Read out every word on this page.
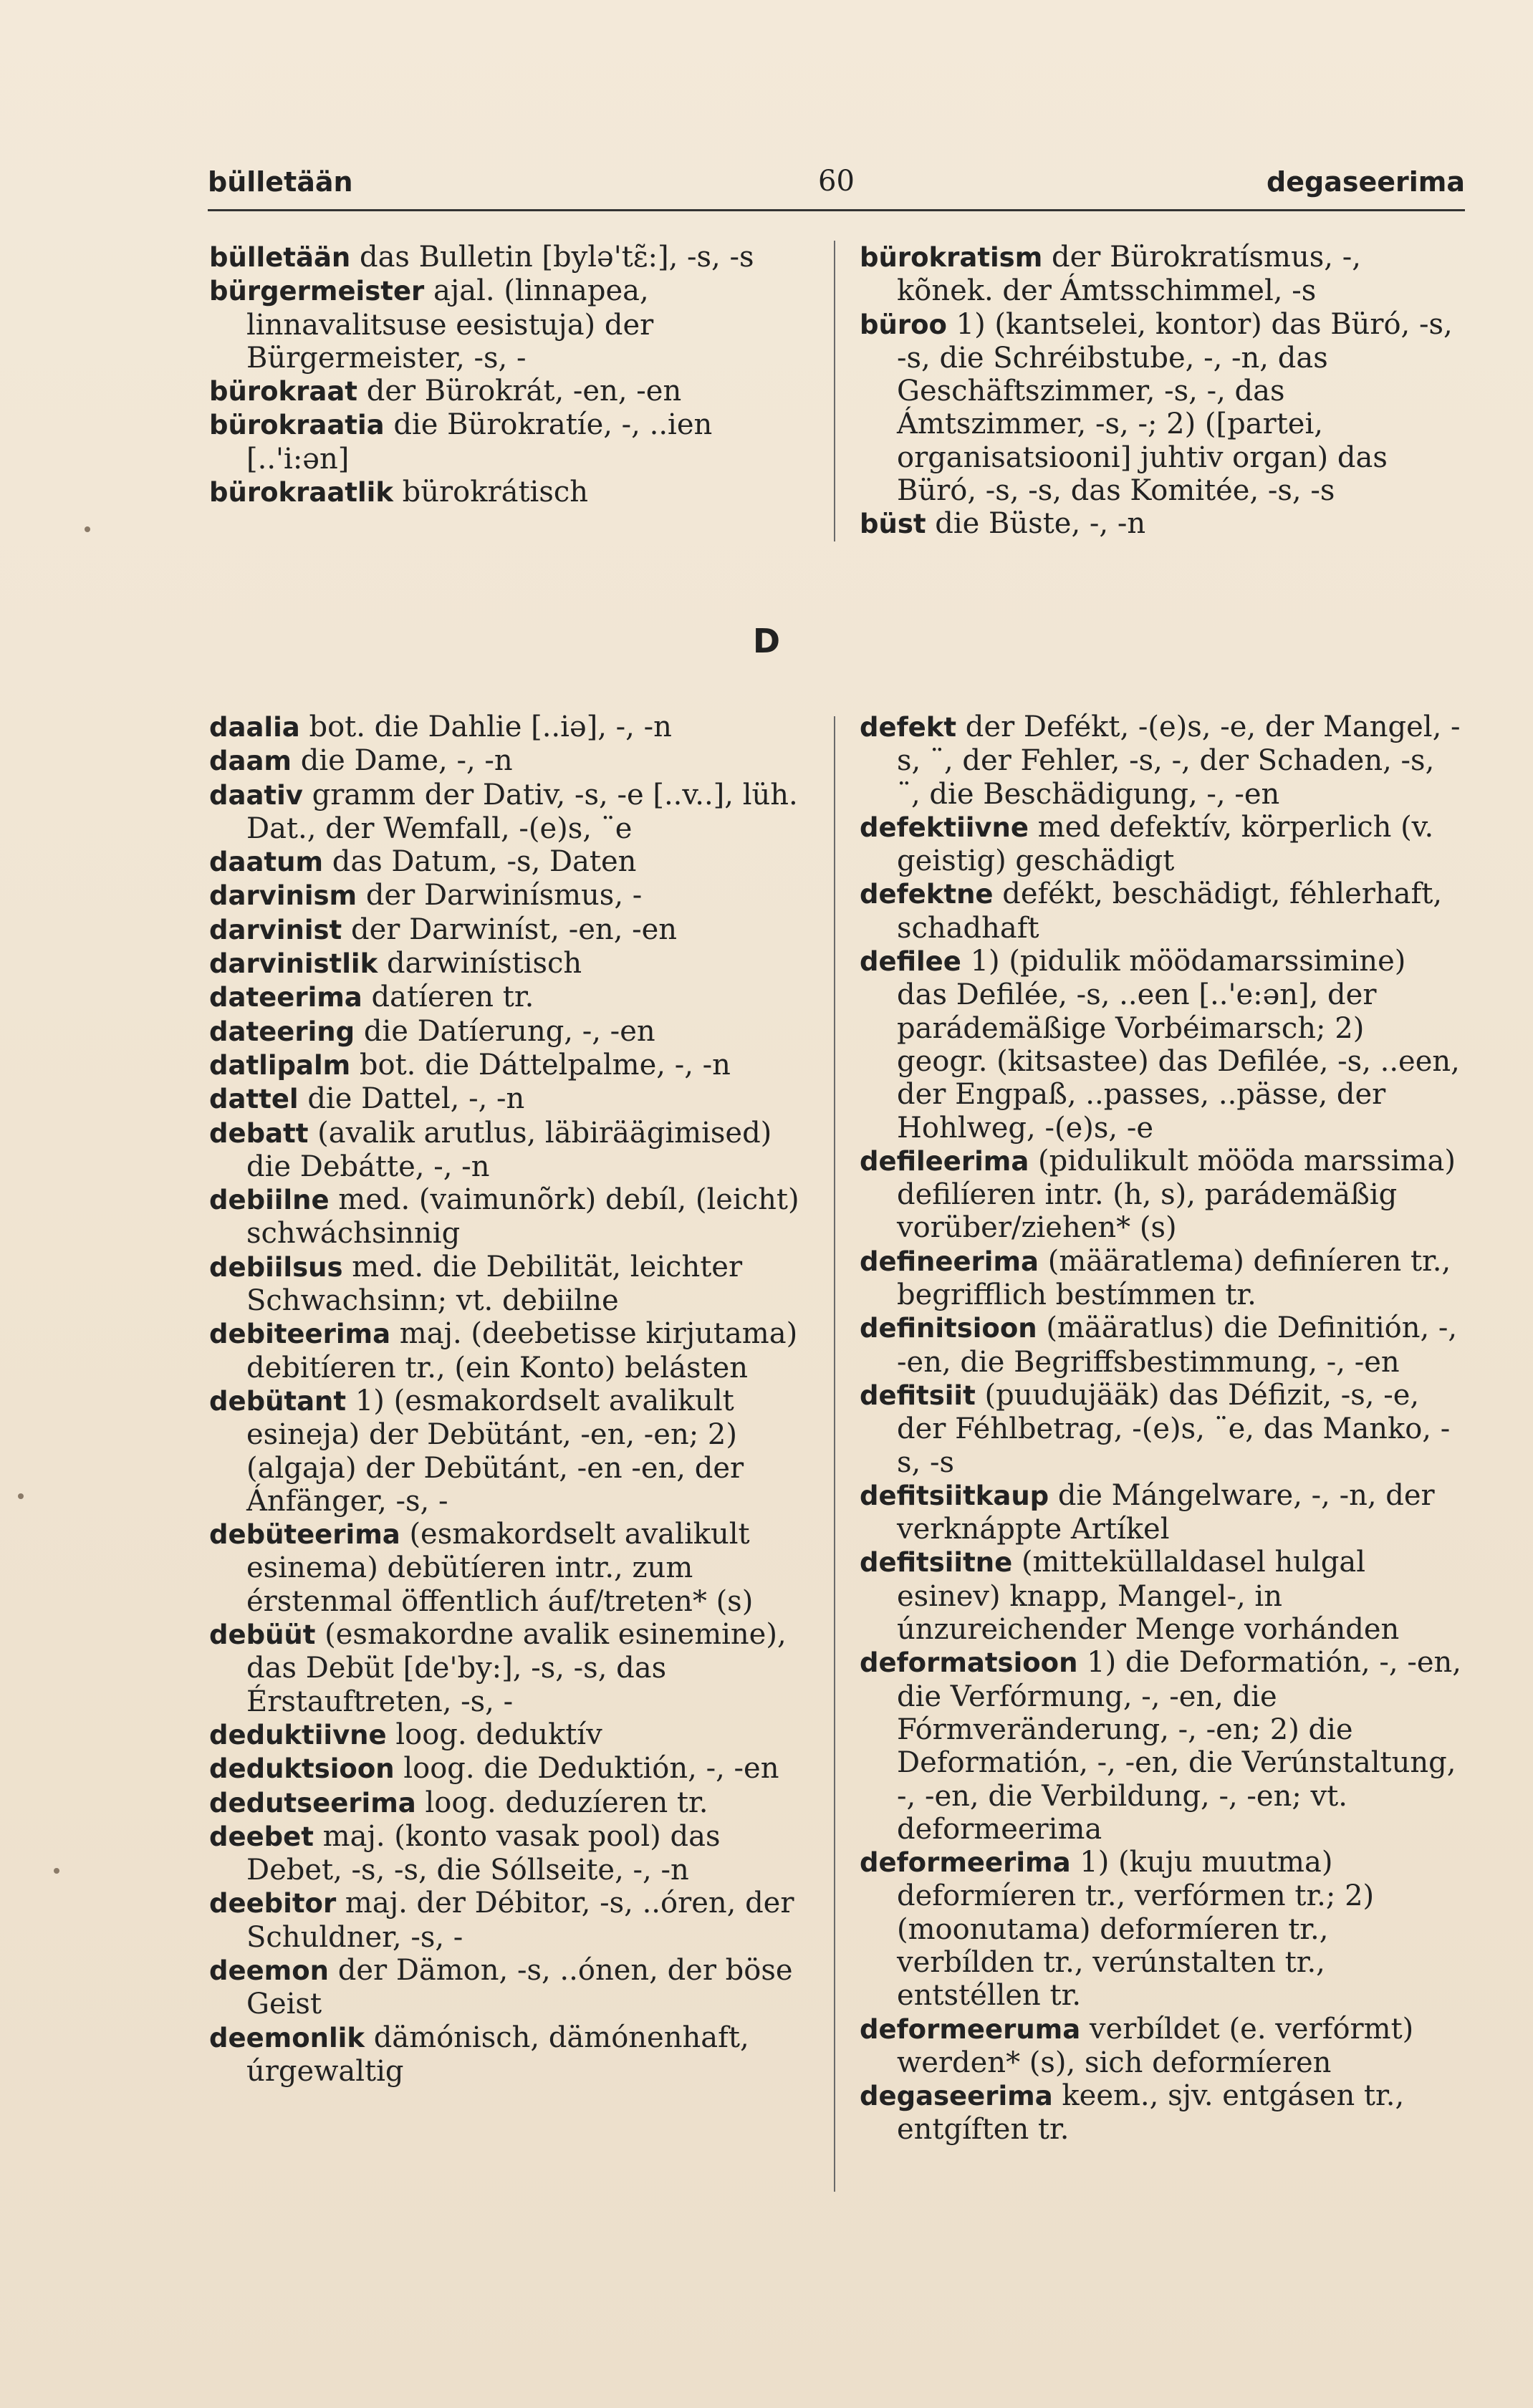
bülletään	60	degaseerima

bülletään das Bulletin [bylə'tɛ̃:], -s, -s

bürgermeister ajal. (linnapea, linnavalitsuse eesistuja) der Bürgermeister, -s, -

bürokraat der Bürokrát, -en, -en

bürokraatia die Bürokratíe, -, ..ien [..'i:ən]

bürokraatlik bürokrátisch

bürokratism der Bürokratísmus, -, kõnek. der Ámtsschimmel, -s

büroo 1) (kantselei, kontor) das Büró, -s, -s, die Schréibstube, -, -n, das Geschäftszimmer, -s, -, das Ámtszimmer, -s, -; 2) ([partei, organisatsiooni] juhtiv organ) das Büró, -s, -s, das Komitée, -s, -s

büst die Büste, -, -n

D

daalia bot. die Dahlie [..iə], -, -n

daam die Dame, -, -n

daativ gramm der Dativ, -s, -e [..v..], lüh. Dat., der Wemfall, -(e)s, ¨e

daatum das Datum, -s, Daten

darvinism der Darwinísmus, -

darvinist der Darwiníst, -en, -en

darvinistlik darwinístisch

dateerima datíeren tr.

dateering die Datíerung, -, -en

datlipalm bot. die Dáttelpalme, -, -n

dattel die Dattel, -, -n

debatt (avalik arutlus, läbiräägimised) die Debátte, -, -n

debiilne med. (vaimunõrk) debíl, (leicht) schwáchsinnig

debiilsus med. die Debilität, leichter Schwachsinn; vt. debiilne

debiteerima maj. (deebetisse kirjutama) debitíeren tr., (ein Konto) belásten

debütant 1) (esmakordselt avalikult esineja) der Debütánt, -en, -en; 2) (algaja) der Debütánt, -en -en, der Ánfänger, -s, -

debüteerima (esmakordselt avalikult esinema) debütíeren intr., zum érstenmal öffentlich áuf/treten* (s)

debüüt (esmakordne avalik esinemine), das Debüt [de'by:], -s, -s, das Érstauftreten, -s, -

deduktiivne loog. deduktív

deduktsioon loog. die Deduktión, -, -en

dedutseerima loog. deduzíeren tr.

deebet maj. (konto vasak pool) das Debet, -s, -s, die Sóllseite, -, -n

deebitor maj. der Débitor, -s, ..óren, der Schuldner, -s, -

deemon der Dämon, -s, ..ónen, der böse Geist

deemonlik dämónisch, dämónenhaft, úrgewaltig

defekt der Defékt, -(e)s, -e, der Mangel, -s, ¨, der Fehler, -s, -, der Schaden, -s, ¨, die Beschädigung, -, -en

defektiivne med defektív, körperlich (v. geistig) geschädigt

defektne defékt, beschädigt, féhlerhaft, schadhaft

defilee 1) (pidulik möödamarssimine) das Defilée, -s, ..een [..'e:ən], der parádemäßige Vorbéimarsch; 2) geogr. (kitsastee) das Defilée, -s, ..een, der Engpaß, ..passes, ..pässe, der Hohlweg, -(e)s, -e

defileerima (pidulikult mööda marssima) defilíeren intr. (h, s), parádemäßig vorüber/ziehen* (s)

defineerima (määratlema) definíeren tr., begrifflich bestímmen tr.

definitsioon (määratlus) die Definitión, -, -en, die Begriffsbestimmung, -, -en

defitsiit (puudujääk) das Défizit, -s, -e, der Féhlbetrag, -(e)s, ¨e, das Manko, -s, -s

defitsiitkaup die Mángelware, -, -n, der verknáppte Artíkel

defitsiitne (mitteküllaldasel hulgal esinev) knapp, Mangel-, in únzureichender Menge vorhánden

deformatsioon 1) die Deformatión, -, -en, die Verfórmung, -, -en, die Fórmveränderung, -, -en; 2) die Deformatión, -, -en, die Verúnstaltung, -, -en, die Verbildung, -, -en; vt. deformeerima

deformeerima 1) (kuju muutma) deformíeren tr., verfórmen tr.; 2) (moonutama) deformíeren tr., verbílden tr., verúnstalten tr., entstéllen tr.

deformeeruma verbíldet (e. verfórmt) werden* (s), sich deformíeren

degaseerima keem., sjv. entgásen tr., entgíften tr.
